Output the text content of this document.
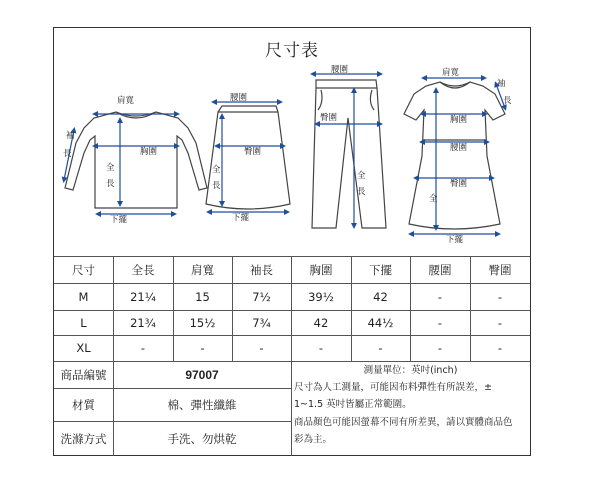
尺寸表
肩寬
袖
長	胸圍
全
長
下擺
腰圍
臀圍
全
長
下擺
腰圍
臀圍
全
長
肩寬
袖
長
胸圍
腰圍
臀圍
全
下擺
尺寸	全長	肩寬	袖長	胸圍	下擺	腰圍	臀圍
M	21¼	15	7½	39½	42	-	-
L	21¾	15½	7¾	42	44½	-	-
XL	-	-	-	-	-	-	-
商品編號	97007
材質	棉、彈性纖維
洗滌方式	手洗、勿烘乾
測量單位：英吋(inch)
尺寸為人工測量，可能因布料彈性有所誤差，±
1~1.5 英吋皆屬正常範圍。
商品顏色可能因螢幕不同有所差異，請以實體商品色
彩為主。
